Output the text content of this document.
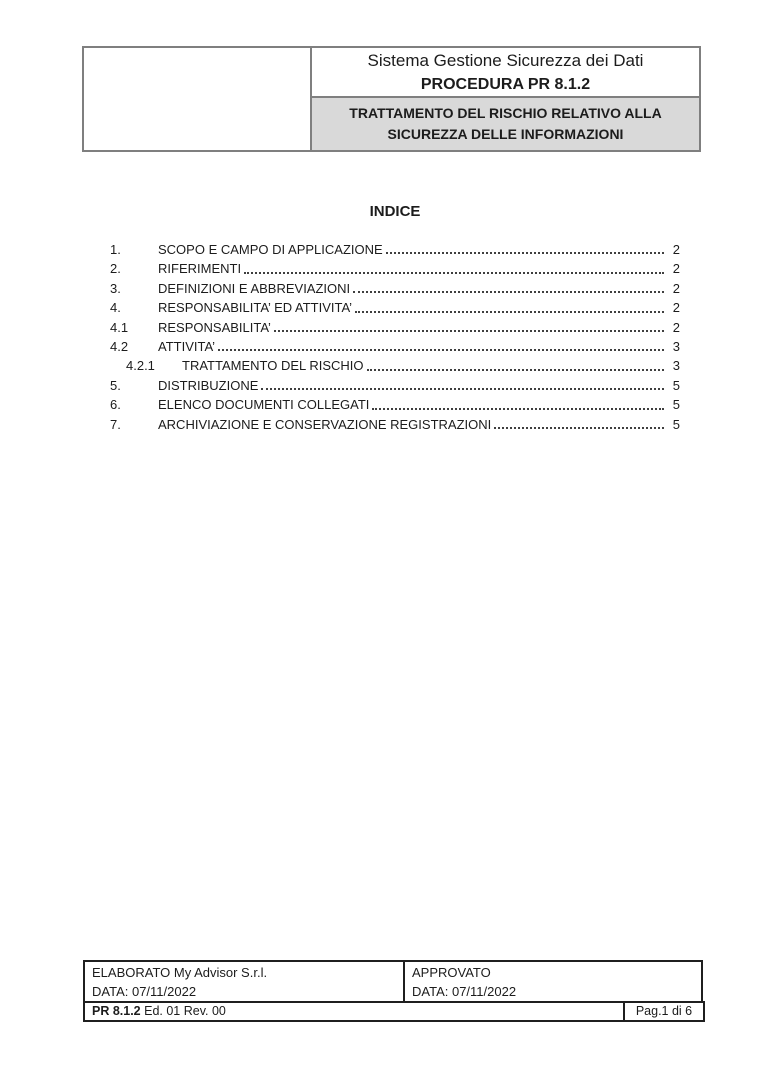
Sistema Gestione Sicurezza dei Dati
PROCEDURA PR 8.1.2
TRATTAMENTO DEL RISCHIO RELATIVO ALLA
SICUREZZA DELLE INFORMAZIONI
INDICE
1.	SCOPO E CAMPO DI APPLICAZIONE	2
2.	RIFERIMENTI	2
3.	DEFINIZIONI E ABBREVIAZIONI	2
4.	RESPONSABILITA’ ED ATTIVITA’	2
4.1	RESPONSABILITA’	2
4.2	ATTIVITA’	3
4.2.1	TRATTAMENTO DEL RISCHIO	3
5.	DISTRIBUZIONE	5
6.	ELENCO DOCUMENTI COLLEGATI	5
7.	ARCHIVIAZIONE E CONSERVAZIONE REGISTRAZIONI	5
ELABORATO My Advisor S.r.l.
DATA: 07/11/2022
APPROVATO
DATA: 07/11/2022
PR 8.1.2 Ed. 01 Rev. 00	Pag.1 di 6
